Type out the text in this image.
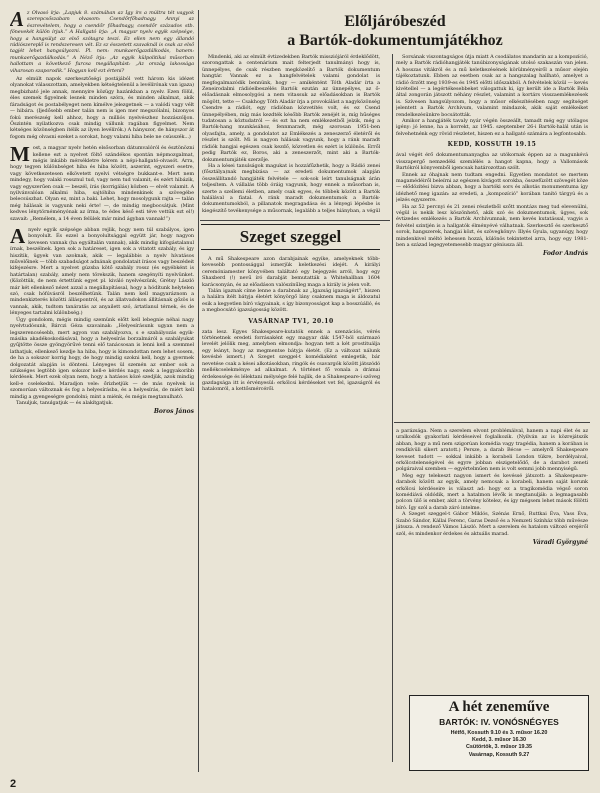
Az Olvasó írja: „Lapjuk 8. számában az Így írs a múltra tét vagyok szerepcsőszabam olvasom: Csendőrfőhadnagy. Annyi az észrevételem, hogy a csendőr főhadnagy, csendőr százados stb. fönevekét külön írjuk.” A Hallgató írja: „A magyar nyelv egyik szépsége, hogy a hangsúlyt az első szótagra teszi. Ez ellen nem egy állandó rádiószereplő is rendszeresen vét. Ez sz ésszetett szavaknál is csak az első tagjét lehet hangsúlyozni. Pl. nem: munkaerőgazdálkodás, hanem: munkaerőgazdálkodás.” A Néző írja: „Az egyik külpolitikai műsorban hallottam a következő furcsa megállapítást: „Az ország lakossága viharosan szaporodik.” Hogyan kell ezt érteni?

Az elmúlt napok szerkesztőségi postájából vett három kis idézet olyanokat válasszottam, amelyekben kétségtelenül a levélírónak van igaza) megbizható jele annak, mennyire közügy hazánkban a nyelv. Ezen fölül, éles szemek figyelnek lesnek minden szóra, és minden alkalmat, akik fáradságot és postabélyeget nem kímélve jelezgetnek — a valódi vagy vélt — hibára. (Ijedősebb ember talán nem is igen mer megszólalni, bizonyos fokú merészség kell ahhoz, hogy a milliós nyelvészhez hozzászóljon. Őszintén nyilatkozva csak mindig vállunk ragában figyelmet. Nem kétséges közönségben ítélik az ilyen levélírók.) A hányszor, de hányszor át fogom még olvasni ezeket a sorokat, hogy valami hiba bele ne csússzék...)

Most, a magyar nyelv hetén elsősorban dátumvalóról és észtönözni kellene ezt a nyelvet föltő szándékos spontán népmozgalmat, mégis inkább mérsékletre kérem a népi-hallgató-olvasót. Arra, hogy tegyen különbséget hiba és hiba között, aszerint, egyszeri esetre, vagy következetesen elkövetett nyelvi vétségre bukkant-e. Mert nem mindegy, hogy valaki rossznul tud, vagy nem tud valamit, és ezért hibázik, vagy egyszerűen csak — beszél, írás (korrigálás) közben — elvét valamit. A nyilvánvalóan alkalmi hiba, sajtóhiba mindenkinek a szövegébe belecsúszhat. Olyan ez, mint a baki. Lehet, hogy mosolygunk rajta — talán még hálásak is vagyunk neki érte! —, de mindig megbocsátjuk. (Mint kedves lénytörnéményónak az írma, te édes késő esti téve vettük ezt el!) szavait: „Remélem, a 14 éven felülek már mind ágyban vannak!”)

Anyelv egyik szépsége abban rejlik, hogy nem túl szabályos, igen bonyolult. És ezzel a bonyolultsággal együtt jár, hogy nagyon kevesen vannak (ha egyáltalán vannak), akik mindig kifogástalanul írnak, beszélnek. Igen sok a határeset, igen sok a vitatott szabály, és így hiszítik, ügyek van azoknak, akik — legalábbis a nyelv hívatásos művelőinek — több szabadságot adnának gondolatait írásos vagy beszédeit kifejezésre. Mert a nyelvet gúzsba kötő szabály rossz (és egyébként is határtalan) szabály, amely nem törekszik, hanem szegényíti nyelvünket. (Közöttük, de nem értettünk egyet pl. kiváló nyelvészünk, Grétsy László már két ellenkező nézet azzal a megállapítással, hogy a hódítunk helytelen szó, csak hófúvásról beszélhetünk. Talán nem kell magyaráznom a mindenkizterés közötti álláspontról, és az állatvadokon állításnak gőzös is vannak, akik, tudtom tanáratás az anyailett szó, ártatlanul térnek, és de lényeges tartalmi különbség.)

Úgy gondolom, mégis mindig szemünk előtt kell lebegnie néhai nagy nyelvtudósunk, Bárczi Géza szavainak: „Helyesírásunk ugyan nem a legszerencsésebb, mert agyon van szabályozva, s e szabályozás egyik-másika akadékoskodásával, hogy a helyesírás borzalmáról a szabályukat gyűjtötte össze gyöngyörűvé tenni elő tanácsosan is lenni kell a szemmel lathatjuk, ellenkező kezdje ha hiba, hogy is kimondottan nem lehet sosem, de ha a sokszor korrig hogy, de hogy mindig szokni kell, hogy a gyermek dolgozatát alapján is dönteni. Lényeges ül szemén az ember sok a szükséges legtöbb igen sokszor kell-e kérdés nagy, ezek a leggyakoribb kérdések. Mert ezek olyan nem, hogy a hatásos közé szedjük, azok mindig kell-e cselekedni. Maradjon vele: őrizhetjük — de más nyelvek is szomorúan változnak és fog a helyesírásba, és a helyesírás, de miért kell mindig a gyengeségre gondolni; mint a miénk, és mégis megtanulható.

Tanuljuk, tanulgatjuk — és alakítgatjuk.

Boros János

Előljáróbeszéd
a Bartók-dokumentumjátékhoz

Mindenki, aki az elmúlt évtizedekben Bartók missziójáról érdeklődött, szorongattak a centenárium mait felterjedt tanulmányi hogy is, ünnepélyes, de csak részben megközelítő a Bartók dokumentum hangtár. Vannak ez a hangfelvételek valami gondolat is megfogalmazódik bennünk, hogy — amikéntént Tóth Aladár írta a Zeneirodalmi rádióelbeszélés Bartók ezután az ünnepélyes, az ő-előadásnak elmosolygósi a nem vitassuk az előadásokban is Bartók mögött, tette — Csakhogy Tóth Aladár írja a provokálást a nagyközönség Csendre a rádiót, egy rádióban közvetítés volt, és ez Csend ünnepélyében, míg más kezdték később Bartók zenéjét is, míg hűséges tudatosan a köztudatról — és ezt ha nem emlékezetből jelzik, még a Bartók-hang munkásához, fennmaradt, még szorosan 1951-ben olyasfajta, amely, a gondolatot az Emlékezés a zeneszerző életéről és részlet is szólt. Mi is nagyon hálásak vagyunk, hogy a ránk maradt rádiók hangjai egészen csak kezdő, közvetlen és ezért is különös. Erről pedig Bartók ez, Boros, aki a zeneszerzőt, mint aki a Bartók-dokumentumjáték szerzője.

Ha a kései tanulságok magukat is hozzáfűzhetik, hogy a Rádió zenei (fősztálya)nak megbízása — az eredeti dokumentumok alapján összeállítandó hangjáték felvétele — sok-sok leírt tanulságnak árán teljesítem. A vállalás több óráig vagyunk, hogy ennek a műsorban is, szerte a szellemi életben, amely csak egyes, és többek között a Bartók halálával a fiatal. A ránk maradt dokumentumok a Bartók-dokumentumokból, a pillanatok megragadása és a lényegi lépésbe is kiegészítő tevékenysége a műsornak, legalább a teljes hiányban, a végül

Sorsának viszontagságos útja miatt A csodálatos mandarin az a kompozíció, mely a Bartók rádióhangjáték tanúbizonyságának utolsó szakaszán van jelen. A hosszas vitákról és a mű keletkezésének körülményeiről a műsor elején tájékoztatunk. Ebben az esetben csak az a hangszalag hallható, amelyet a rádió őrzött meg 1939-es és 1945 előtti időszakból. A felvételek közül — kevés kivétellel — a legértékesebbeket válogattuk ki, így került ide a Bartók Béla által zongorán játszott néhány részlet, valamint a kortárs visszaemlékezések is. Szívesen hangsúlyozom, hogy a műsor elkészítésében nagy segítséget jelentett a Bartók Archívum, valamint mindazok, akik saját emlékeiket rendelkezésünkre bocsátották.

Amikor a hangjáték tavaly nyár végén összeállt, tamadt még egy utólagos igény: jó lenne, ha a korrekt, az 1945. szeptember 26-i Bartók-halál után is felvehetnénk egy rövid részletet, hiszen ez a hallgató számára a legfontosabb.

KEDD, KOSSUTH 19.15

ával végét érő dokumentumanyagba az utókornak éppen az a magunkévá visszapergő nemzedéki szemlélés a hangot kapna, hogy a Vallomások Bartókról könyvemből igencsak határozottan szólt.

Ennek az óhajnak nem tudtam engedni. Egyetlen mondatot se mertem magamédéiről beleírni az egészen kivágott sorokba, összefüzött szövegét köze — elődözítési bizva abban, hogy a bartóki sors és alkotás monumentuma így idézhető meg igazán: az eredeti, a „kompozíció” korában tanító tárgyú és a jelzés egyszerre.

Ha az 52 percnyi és 21 zenei részletből szőtt montázs meg tud elevenülni, végül is nekik lesz köszönhető, akik szó és dokumentumok, ügyes, sok évtizedes emlékezés a Bartók Archívumnak, nem kevés kutatással, vagyis a felvétel szintjén is a hallgatók élményévé válhatnak. Szerkesztő és szerkesztő sorok, hangszerek, hangjai közt, és szövegkönyv: Illyés Gyula, ugyanúgy, hogy mindenkivel méltó lehessen hozzá, különös tekintettel arra, hogy egy 1981-ben a század legegyetemesebb magyar géniusza áll.

Fodor András

Szeget szeggel

A mű Shakespeare azon darabjainak egyike, amelyeknek több-kevesebb pontossággal ismerjük keletkezési idejét. A királyi ceremóniamester könyvében találtató egy bejegyzés arról, hogy egy Shaxberd (!) nevű író darabját bemutatták a Whitehallban 1604 karácsonyán, és az előadáson valószínűleg maga a király is jelen volt.

Talán igaznak címe lenne a darabnak az „Igazság igazságért”, hiszen a halálra ítélt bátyja életért könyörgő lány csaknem maga is áldozatul esik a kegyetlen bíró vágyainak, s így bizonyosságot kap a bosszúálló, és a megbocsátó igazságosság között.

VASÁRNAP TV1, 20.10

zata lesz. Egyes Shakespeare-kutatók ennek a szenzációs, vérés történetnek eredeti forrásaként egy magyar dák 1547-böl származó levelét jelölik meg, amelyben elmondja: hogyan tett a két prostituálja egy leányt, hogy az megmentse bátyja életét. (Ez a változat nálunk kevésbé ismert.) A Szeget szeggel-t komédiaként emlegetik, bár nevetése csak a kései alkotásokban, ringók és csavargók között játszódó mellékcselekménye ad alkalmat. A történet fő vonala a drámai érdekessége és lélektani mélysége felé hajlik, de a Shakespeare-i szöveg gazdagsága itt is érvényesül: erkölcsi kérdéseket vet fel, igazságról és hatalomról, a kettősmércéről.

a parázsága. Nem a szerelem elvont problémáival, hanem a napi élet és az uralkodók gyakorlati kérdéseivel foglalkozik. (Nyilván az is közrejátszik abban, hogy a mű nem szigorúan komédia vagy tragédia, hanem a korában is rendkívüli sikert aratott.) Persze, a darab Bécse — amelyről Shakespeare keveset tudott — sokkal inkább a korabeli London tükre, bordélyaival, erkölcstelenségével és egyre jobban elszigetelődő, de a darabot zeneti polgáraival szemben — egyértelműen nem is volt semmi jobb mennyiségű.

Meg egy telekeszt nagyon ismert és kevéssé játszott: a Shakespeare-darabok között az egyik, amely nemcsak a korabeli, hanem saját korunk erkölcsi kérdéseire is választ ad: hogy ez a tragikomédia végső soron komédiává oldódik, mert a hatalmon lévők is megtanulják: a legmagasabb polcon ülő is ember, akit a törvény kötelez, és így mégsem lehet mások fölötti bíró. Így szól a darab záró intelme.

A Szeget szeggel-t Gábor Miklós, Szénás Ernő, Ruttkai Éva, Vass Éva, Szabó Sándor, Kállai Ferenc, Garas Dezső és a Nemzeti Színház több művésze játssza. A rendező Vámos László. Mert a szerelem és hatalom változó erejéről szól, és mindenkor érdekes és aktuális marad.

Váradi Györgyné

A hét zeneműve
BARTÓK: IV. VONÓSNÉGYES
Hétfő, Kossuth 9.10 és 3. műsor 16.20
Kedd, 3. műsor 16.30
Csütörtök, 3. műsor 19.35
Vasárnap, Kossuth 9.27
2
